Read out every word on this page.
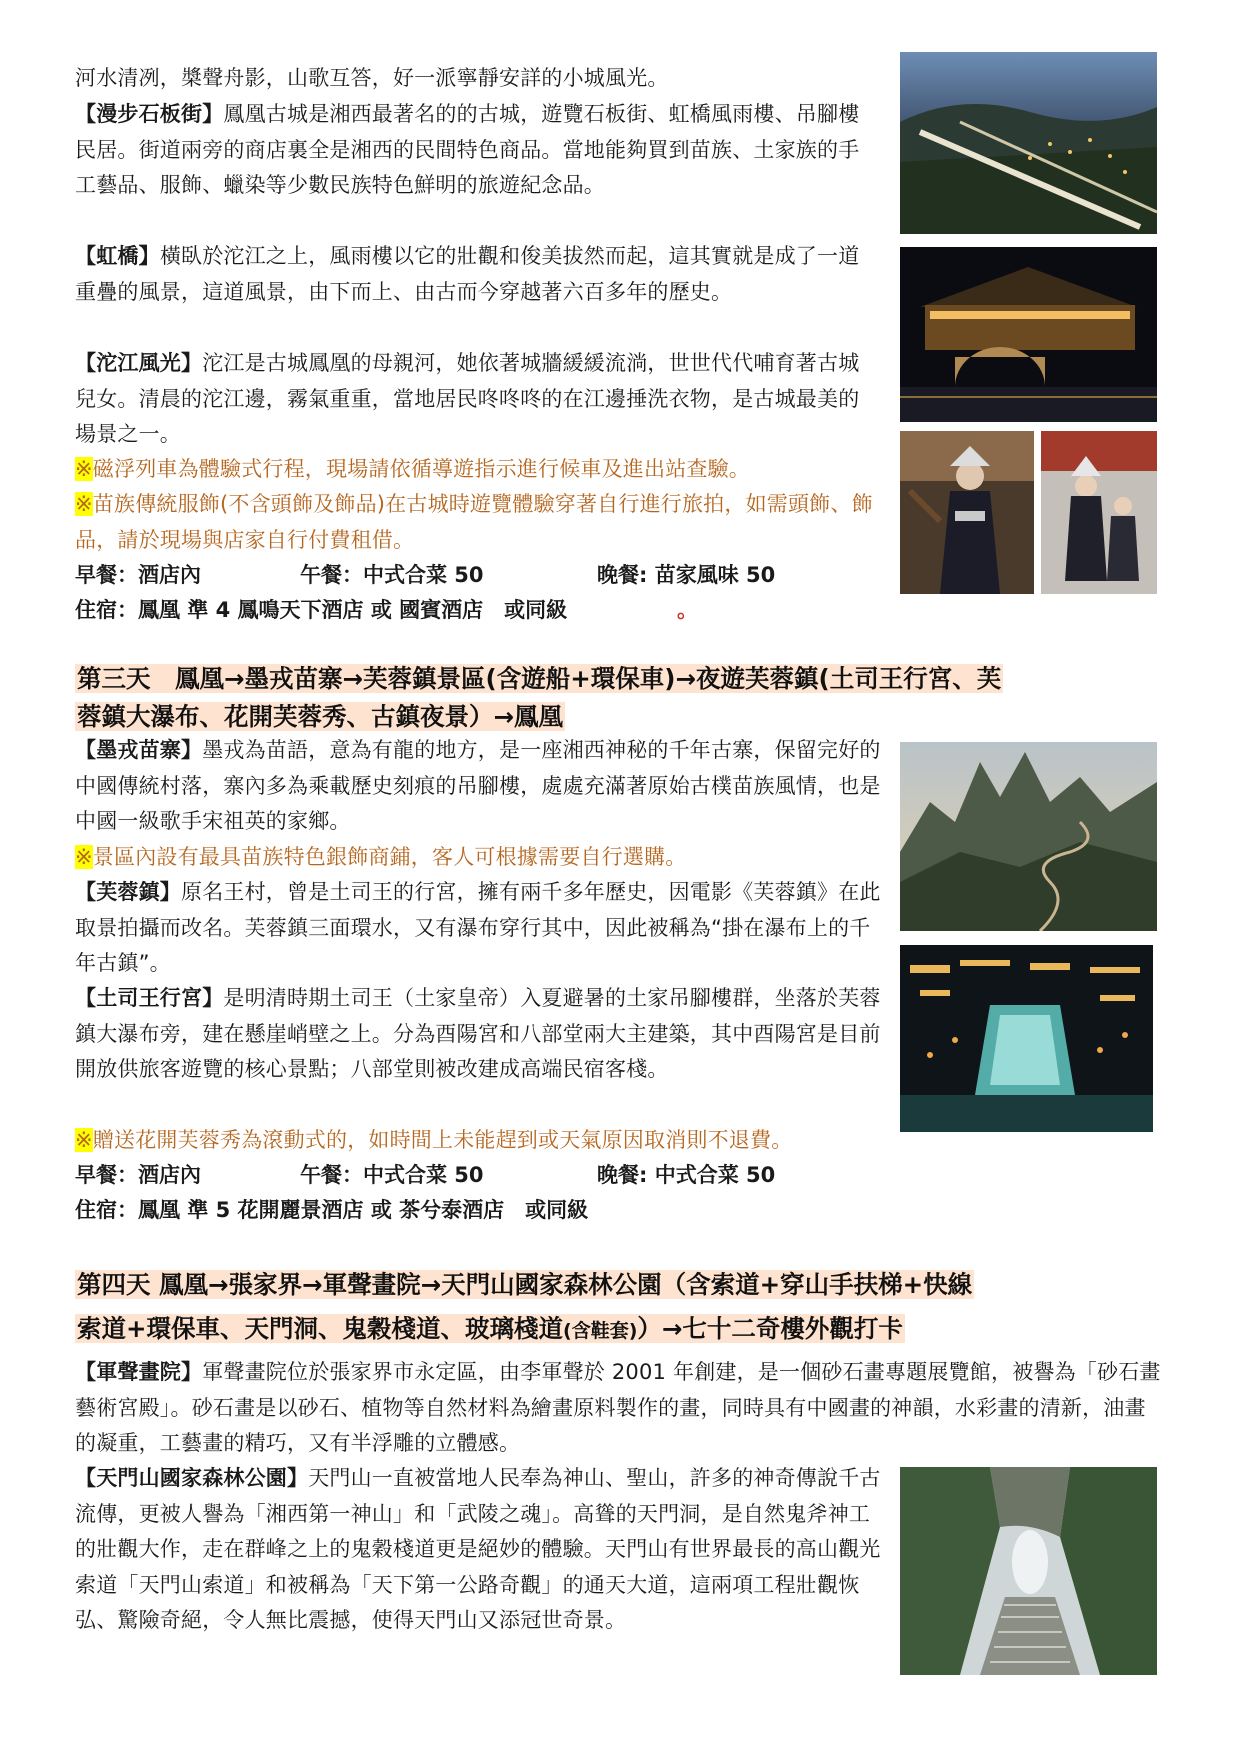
河水清冽，槳聲舟影，山歌互答，好一派寧靜安詳的小城風光。

【漫步石板街】鳳凰古城是湘西最著名的的古城，遊覽石板街、虹橋風雨樓、吊腳樓民居。街道兩旁的商店裏全是湘西的民間特色商品。當地能夠買到苗族、土家族的手工藝品、服飾、蠟染等少數民族特色鮮明的旅遊紀念品。

【虹橋】橫臥於沱江之上，風雨樓以它的壯觀和俊美拔然而起，這其實就是成了一道重疊的風景，這道風景，由下而上、由古而今穿越著六百多年的歷史。

【沱江風光】沱江是古城鳳凰的母親河，她依著城牆緩緩流淌，世世代代哺育著古城兒女。清晨的沱江邊，霧氣重重，當地居民咚咚咚的在江邊捶洗衣物，是古城最美的場景之一。

※磁浮列車為體驗式行程，現場請依循導遊指示進行候車及進出站查驗。

※苗族傳統服飾(不含頭飾及飾品)在古城時遊覽體驗穿著自行進行旅拍，如需頭飾、飾品，請於現場與店家自行付費租借。

早餐：酒店內	午餐：中式合菜 50	晚餐: 苗家風味 50
住宿：鳳凰 準 4 鳳鳴天下酒店 或 國賓酒店　或同級	。
第三天　鳳凰→墨戎苗寨→芙蓉鎮景區(含遊船+環保車)→夜遊芙蓉鎮(土司王行宮、芙
蓉鎮大瀑布、花開芙蓉秀、古鎮夜景）→鳳凰

【墨戎苗寨】墨戎為苗語，意為有龍的地方，是一座湘西神秘的千年古寨，保留完好的中國傳統村落，寨內多為乘載歷史刻痕的吊腳樓，處處充滿著原始古樸苗族風情，也是中國一級歌手宋祖英的家鄉。

※景區內設有最具苗族特色銀飾商鋪，客人可根據需要自行選購。

【芙蓉鎮】原名王村，曾是土司王的行宮，擁有兩千多年歷史，因電影《芙蓉鎮》在此取景拍攝而改名。芙蓉鎮三面環水，又有瀑布穿行其中，因此被稱為“掛在瀑布上的千年古鎮”。

【土司王行宮】是明清時期土司王（土家皇帝）入夏避暑的土家吊腳樓群，坐落於芙蓉鎮大瀑布旁，建在懸崖峭壁之上。分為酉陽宮和八部堂兩大主建築，其中酉陽宮是目前開放供旅客遊覽的核心景點；八部堂則被改建成高端民宿客棧。

※贈送花開芙蓉秀為滾動式的，如時間上未能趕到或天氣原因取消則不退費。

早餐：酒店內	午餐：中式合菜 50	晚餐: 中式合菜 50
住宿：鳳凰 準 5 花開麗景酒店 或 茶兮泰酒店　或同級
第四天 鳳凰→張家界→軍聲畫院→天門山國家森林公園（含索道+穿山手扶梯+快線
索道+環保車、天門洞、鬼穀棧道、玻璃棧道(含鞋套)）→七十二奇樓外觀打卡

【軍聲畫院】軍聲畫院位於張家界市永定區，由李軍聲於 2001 年創建，是一個砂石畫專題展覽館，被譽為「砂石畫藝術宮殿」。砂石畫是以砂石、植物等自然材料為繪畫原料製作的畫，同時具有中國畫的神韻，水彩畫的清新，油畫的凝重，工藝畫的精巧，又有半浮雕的立體感。

【天門山國家森林公園】天門山一直被當地人民奉為神山、聖山，許多的神奇傳說千古流傳，更被人譽為「湘西第一神山」和「武陵之魂」。高聳的天門洞，是自然鬼斧神工的壯觀大作，走在群峰之上的鬼穀棧道更是絕妙的體驗。天門山有世界最長的高山觀光索道「天門山索道」和被稱為「天下第一公路奇觀」的通天大道，這兩項工程壯觀恢弘、驚險奇絕，令人無比震撼，使得天門山又添冠世奇景。
